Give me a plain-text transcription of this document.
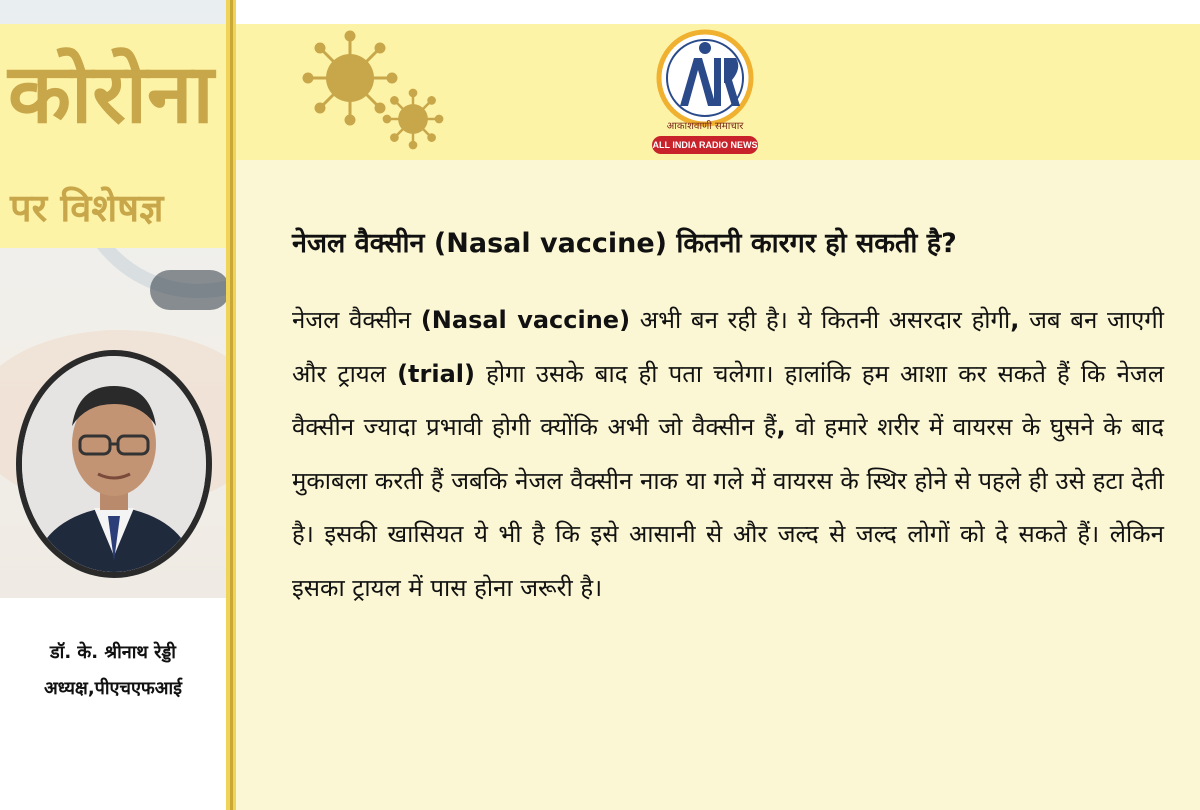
कोरोना
पर विशेषज्ञ
आकाशवाणी समाचार
ALL INDIA RADIO NEWS
डॉ. के. श्रीनाथ रेड्डी
अध्यक्ष,पीएचएफआई
नेजल वैक्सीन (Nasal vaccine) कितनी कारगर हो सकती है?
नेजल वैक्सीन (Nasal vaccine) अभी बन रही है। ये कितनी असरदार होगी, जब बन जाएगी और ट्रायल (trial) होगा उसके बाद ही पता चलेगा। हालांकि हम आशा कर सकते हैं कि नेजल वैक्सीन ज्यादा प्रभावी होगी क्योंकि अभी जो वैक्सीन हैं, वो हमारे शरीर में वायरस के घुसने के बाद मुकाबला करती हैं जबकि नेजल वैक्सीन नाक या गले में वायरस के स्थिर होने से पहले ही उसे हटा देती है। इसकी खासियत ये भी है कि इसे आसानी से और जल्द से जल्द लोगों को दे सकते हैं। लेकिन इसका ट्रायल में पास होना जरूरी है।
